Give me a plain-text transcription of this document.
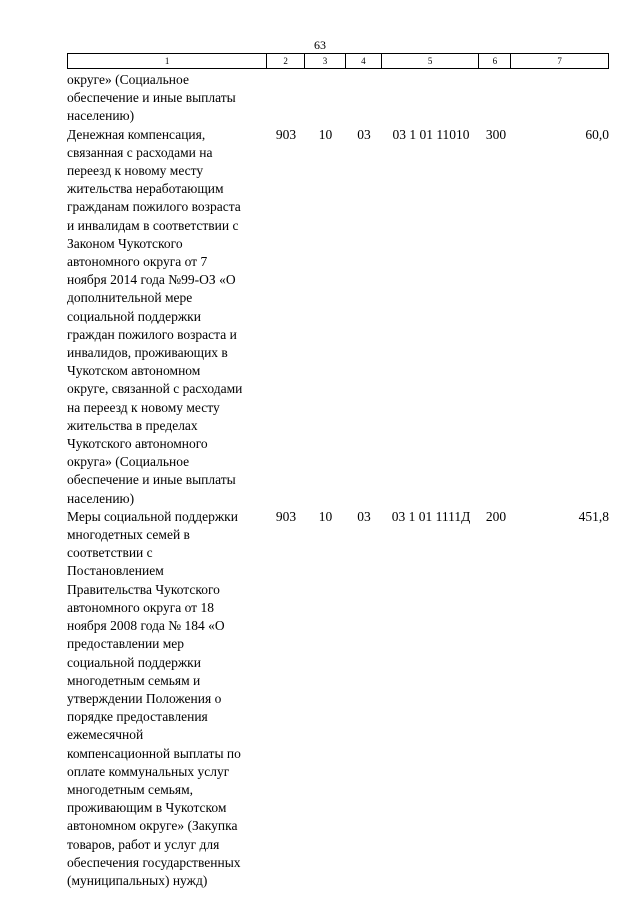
63
1	2	3	4	5	6	7
округе» (Социальное
обеспечение и иные выплаты
населению)
Денежная компенсация,
связанная с расходами на
переезд к новому месту
жительства неработающим
гражданам пожилого возраста
и инвалидам в соответствии с
Законом Чукотского
автономного округа от 7
ноября 2014 года №99-ОЗ «О
дополнительной мере
социальной поддержки
граждан пожилого возраста и
инвалидов, проживающих в
Чукотском автономном
округе, связанной с расходами
на переезд к новому месту
жительства в пределах
Чукотского автономного
округа» (Социальное
обеспечение и иные выплаты
населению)
903	10	03	03 1 01 11010	300	60,0
Меры социальной поддержки
многодетных семей в
соответствии с
Постановлением
Правительства Чукотского
автономного округа от 18
ноября 2008 года № 184 «О
предоставлении мер
социальной поддержки
многодетным семьям и
утверждении Положения о
порядке предоставления
ежемесячной
компенсационной выплаты по
оплате коммунальных услуг
многодетным семьям,
проживающим в Чукотском
автономном округе» (Закупка
товаров, работ и услуг для
обеспечения государственных
(муниципальных) нужд)
903	10	03	03 1 01 1111Д	200	451,8
